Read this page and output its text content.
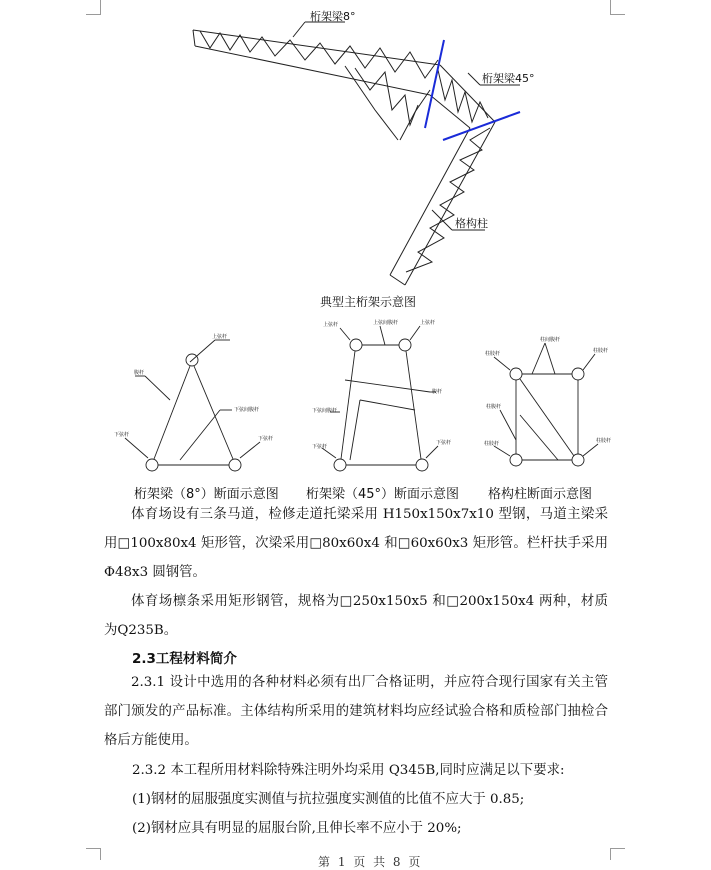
桁架梁8°
桁架梁45°
格构柱
典型主桁架示意图
上弦杆
腹杆
下弦间腹杆
下弦杆
下弦杆
上弦杆	上弦间腹杆	上弦杆
腹杆
下弦间腹杆
下弦杆
下弦杆
柱肢杆
柱间腹杆
柱肢杆
柱腹杆
柱肢杆	柱肢杆
桁架梁（8°）断面示意图 桁架梁（45°）断面示意图 格构柱断面示意图
体育场设有三条马道，检修走道托梁采用 H150x150x7x10 型钢，马道主梁采用□100x80x4 矩形管，次梁采用□80x60x4 和□60x60x3 矩形管。栏杆扶手采用Φ48x3 圆钢管。
体育场檩条采用矩形钢管，规格为□250x150x5 和□200x150x4 两种，材质为Q235B。
2.3工程材料简介
2.3.1 设计中选用的各种材料必须有出厂合格证明，并应符合现行国家有关主管部门颁发的产品标准。主体结构所采用的建筑材料均应经试验合格和质检部门抽检合格后方能使用。
2.3.2 本工程所用材料除特殊注明外均采用 Q345B,同时应满足以下要求:
(1)钢材的屈服强度实测值与抗拉强度实测值的比值不应大于 0.85;
(2)钢材应具有明显的屈服台阶,且伸长率不应小于 20%;
第 1 页 共 8 页
